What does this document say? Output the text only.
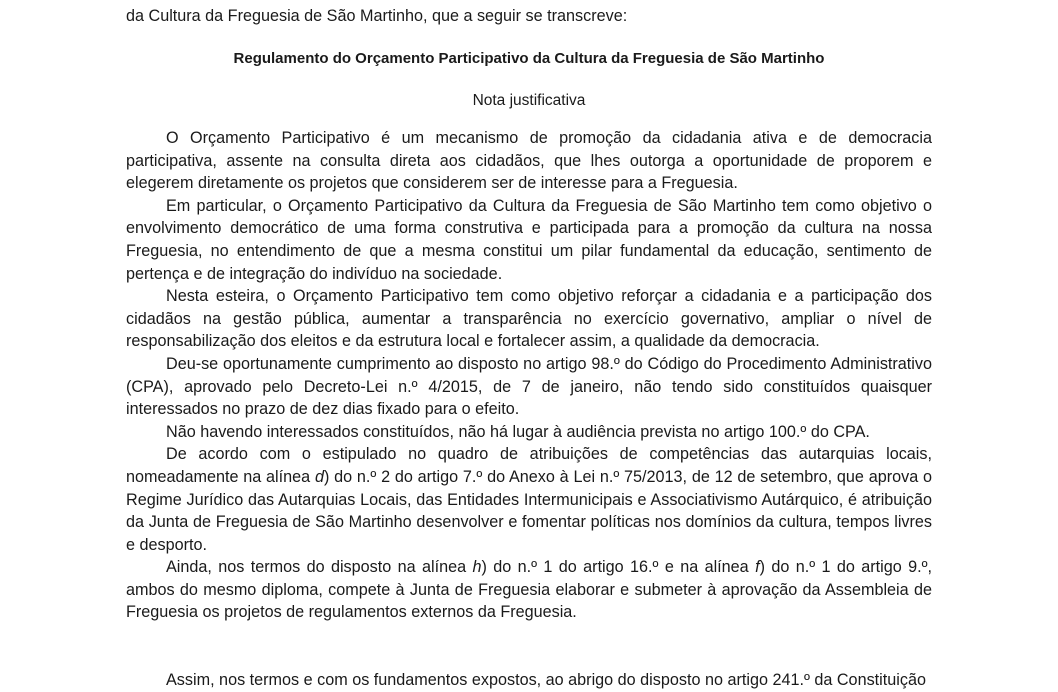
da Cultura da Freguesia de São Martinho, que a seguir se transcreve:
Regulamento do Orçamento Participativo da Cultura da Freguesia de São Martinho
Nota justificativa

O Orçamento Participativo é um mecanismo de promoção da cidadania ativa e de democracia participativa, assente na consulta direta aos cidadãos, que lhes outorga a oportunidade de proporem e elegerem diretamente os projetos que considerem ser de interesse para a Freguesia.

Em particular, o Orçamento Participativo da Cultura da Freguesia de São Martinho tem como objetivo o envolvimento democrático de uma forma construtiva e participada para a promoção da cultura na nossa Freguesia, no entendimento de que a mesma constitui um pilar fundamental da educação, sentimento de pertença e de integração do indivíduo na sociedade.

Nesta esteira, o Orçamento Participativo tem como objetivo reforçar a cidadania e a participação dos cidadãos na gestão pública, aumentar a transparência no exercício governativo, ampliar o nível de responsabilização dos eleitos e da estrutura local e fortalecer assim, a qualidade da democracia.

Deu-se oportunamente cumprimento ao disposto no artigo 98.º do Código do Procedimento Administrativo (CPA), aprovado pelo Decreto-Lei n.º 4/2015, de 7 de janeiro, não tendo sido constituídos quaisquer interessados no prazo de dez dias fixado para o efeito.

Não havendo interessados constituídos, não há lugar à audiência prevista no artigo 100.º do CPA.

De acordo com o estipulado no quadro de atribuições de competências das autarquias locais, nomeadamente na alínea d) do n.º 2 do artigo 7.º do Anexo à Lei n.º 75/2013, de 12 de setembro, que aprova o Regime Jurídico das Autarquias Locais, das Entidades Intermunicipais e Associativismo Autárquico, é atribuição da Junta de Freguesia de São Martinho desenvolver e fomentar políticas nos domínios da cultura, tempos livres e desporto.

Ainda, nos termos do disposto na alínea h) do n.º 1 do artigo 16.º e na alínea f) do n.º 1 do artigo 9.º, ambos do mesmo diploma, compete à Junta de Freguesia elaborar e submeter à aprovação da Assembleia de Freguesia os projetos de regulamentos externos da Freguesia.

Assim, nos termos e com os fundamentos expostos, ao abrigo do disposto no artigo 241.º da Constituição
